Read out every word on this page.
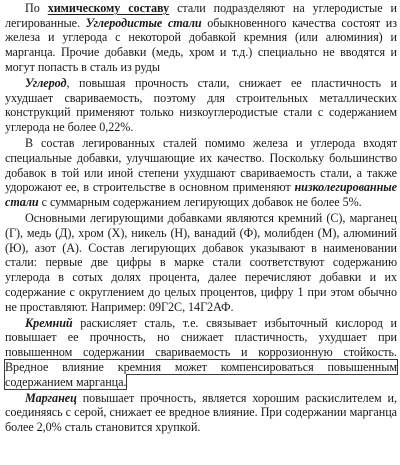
По химическому составу стали подразделяют на углеродистые и легированные. Углеродистые стали обыкновенного качества состоят из железа и углерода с некоторой добавкой кремния (или алюминия) и марганца. Прочие добавки (медь, хром и т.д.) специально не вводятся и могут попасть в сталь из руды

Углерод, повышая прочность стали, снижает ее пластичность и ухудшает свариваемость, поэтому для строительных металлических конструкций применяют только низкоуглеродистые стали с содержанием углерода не более 0,22%.

В состав легированных сталей помимо железа и углерода входят специальные добавки, улучшающие их качество. Поскольку большинство добавок в той или иной степени ухудшают свариваемость стали, а также удорожают ее, в строительстве в основном применяют низколегированные стали с суммарным содержанием легирующих добавок не более 5%.

Основными легирующими добавками являются кремний (С), марганец (Г), медь (Д), хром (Х), никель (Н), ванадий (Ф), молибден (М), алюминий (Ю), азот (А). Состав легирующих добавок указывают в наименовании стали: первые две цифры в марке стали соответствуют содержанию углерода в сотых долях процента, далее перечисляют добавки и их содержание с округлением до целых процентов, цифру 1 при этом обычно не проставляют. Например: 09Г2С, 14Г2АФ.

Кремний раскисляет сталь, т.е. связывает избыточный кислород и повышает ее прочность, но снижает пластичность, ухудшает при повышенном содержании свариваемость и коррозионную стойкость. Вредное влияние кремния может компенсироваться повышенным содержанием марганца.

Марганец повышает прочность, является хорошим раскислителем и, соединяясь с серой, снижает ее вредное влияние. При содержании марганца более 2,0% сталь становится хрупкой.
